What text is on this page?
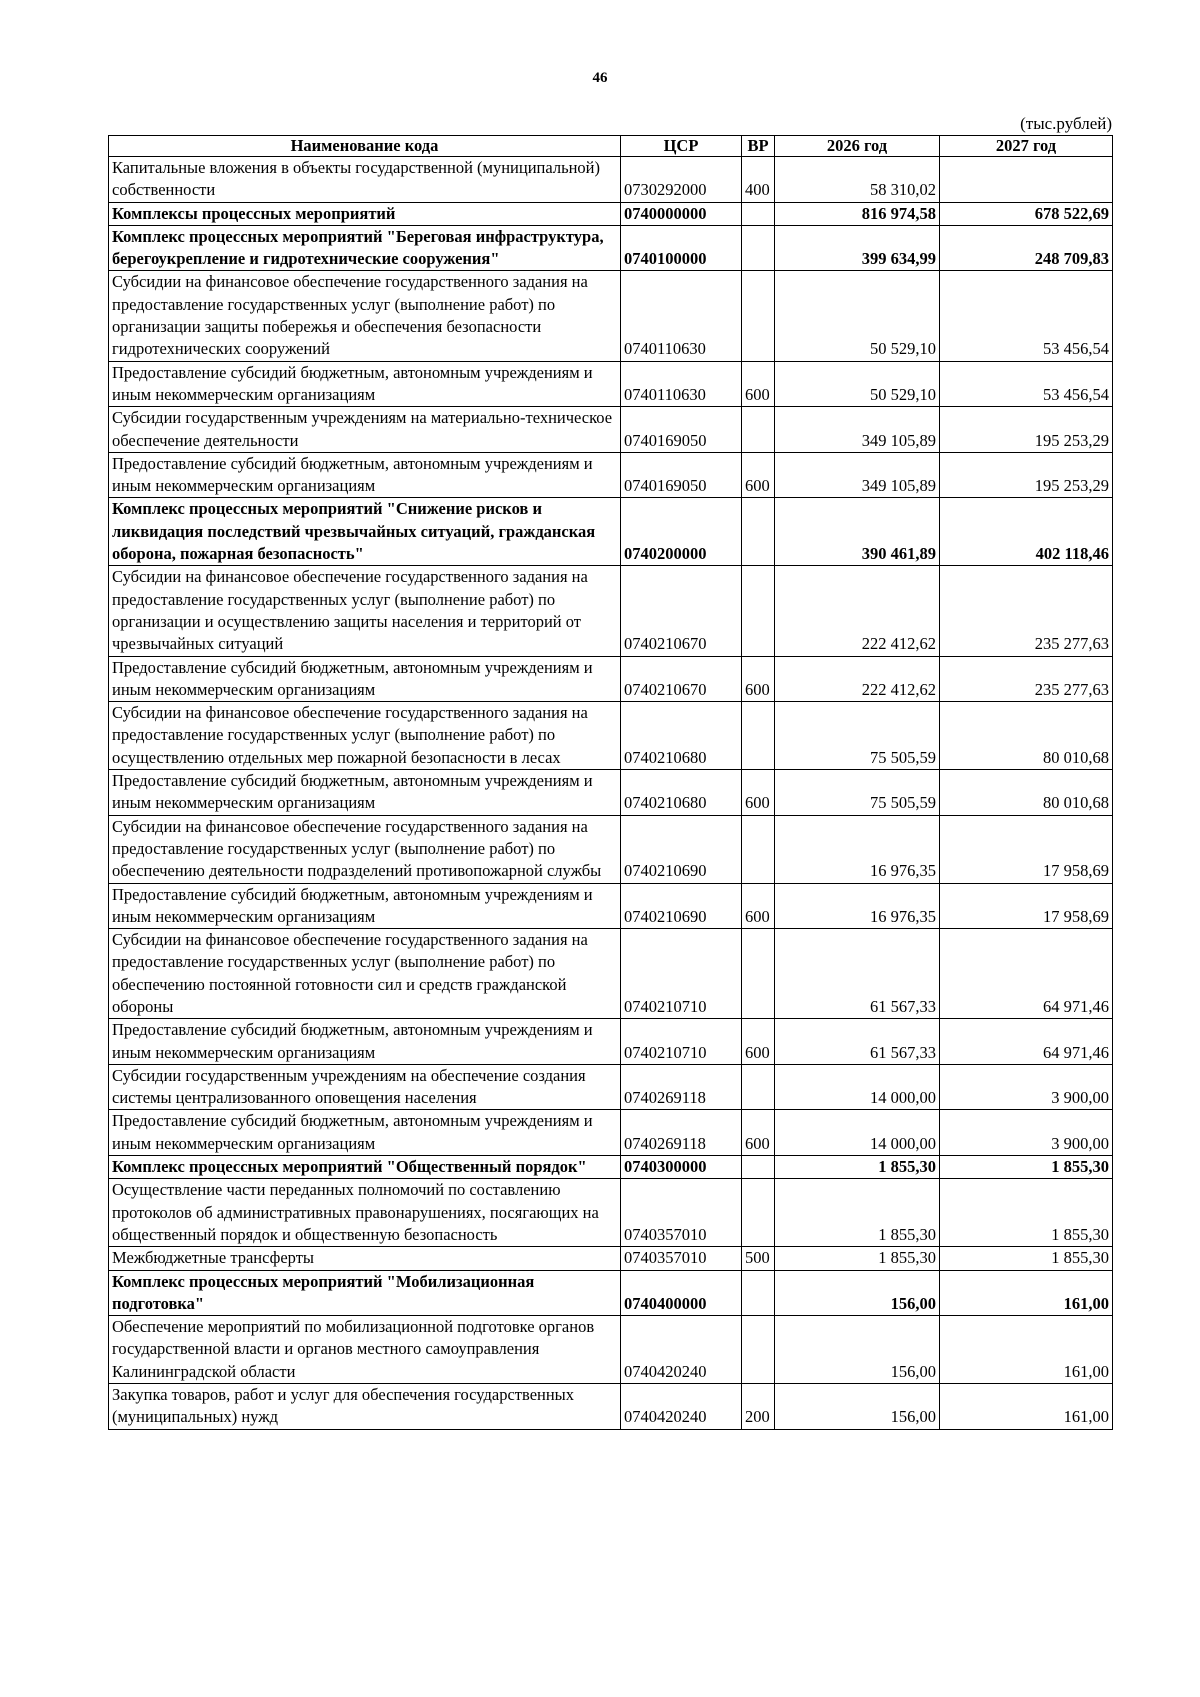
46
(тыс.рублей)
Наименование кода	ЦСР	ВР	2026 год	2027 год
Капитальные вложения в объекты государственной (муниципальной) собственности	0730292000	400	58 310,02	
Комплексы процессных мероприятий	0740000000		816 974,58	678 522,69
Комплекс процессных мероприятий "Береговая инфраструктура, берегоукрепление и гидротехнические сооружения"	0740100000		399 634,99	248 709,83
Субсидии на финансовое обеспечение государственного задания на предоставление государственных услуг (выполнение работ) по организации защиты побережья и обеспечения безопасности гидротехнических сооружений	0740110630		50 529,10	53 456,54
Предоставление субсидий бюджетным, автономным учреждениям и иным некоммерческим организациям	0740110630	600	50 529,10	53 456,54
Субсидии государственным учреждениям на материально-техническое обеспечение деятельности	0740169050		349 105,89	195 253,29
Предоставление субсидий бюджетным, автономным учреждениям и иным некоммерческим организациям	0740169050	600	349 105,89	195 253,29
Комплекс процессных мероприятий "Снижение рисков и ликвидация последствий чрезвычайных ситуаций, гражданская оборона, пожарная безопасность"	0740200000		390 461,89	402 118,46
Субсидии на финансовое обеспечение государственного задания на предоставление государственных услуг (выполнение работ) по организации и осуществлению защиты населения и территорий от чрезвычайных ситуаций	0740210670		222 412,62	235 277,63
Предоставление субсидий бюджетным, автономным учреждениям и иным некоммерческим организациям	0740210670	600	222 412,62	235 277,63
Субсидии на финансовое обеспечение государственного задания на предоставление государственных услуг (выполнение работ) по осуществлению отдельных мер пожарной безопасности в лесах	0740210680		75 505,59	80 010,68
Предоставление субсидий бюджетным, автономным учреждениям и иным некоммерческим организациям	0740210680	600	75 505,59	80 010,68
Субсидии на финансовое обеспечение государственного задания на предоставление государственных услуг (выполнение работ) по обеспечению деятельности подразделений противопожарной службы	0740210690		16 976,35	17 958,69
Предоставление субсидий бюджетным, автономным учреждениям и иным некоммерческим организациям	0740210690	600	16 976,35	17 958,69
Субсидии на финансовое обеспечение государственного задания на предоставление государственных услуг (выполнение работ) по обеспечению постоянной готовности сил и средств гражданской обороны	0740210710		61 567,33	64 971,46
Предоставление субсидий бюджетным, автономным учреждениям и иным некоммерческим организациям	0740210710	600	61 567,33	64 971,46
Субсидии государственным учреждениям на обеспечение создания системы централизованного оповещения населения	0740269118		14 000,00	3 900,00
Предоставление субсидий бюджетным, автономным учреждениям и иным некоммерческим организациям	0740269118	600	14 000,00	3 900,00
Комплекс процессных мероприятий "Общественный порядок"	0740300000		1 855,30	1 855,30
Осуществление части переданных полномочий по составлению протоколов об административных правонарушениях, посягающих на общественный порядок и общественную безопасность	0740357010		1 855,30	1 855,30
Межбюджетные трансферты	0740357010	500	1 855,30	1 855,30
Комплекс процессных мероприятий "Мобилизационная подготовка"	0740400000		156,00	161,00
Обеспечение мероприятий по мобилизационной подготовке органов государственной власти и органов местного самоуправления Калининградской области	0740420240		156,00	161,00
Закупка товаров, работ и услуг для обеспечения государственных (муниципальных) нужд	0740420240	200	156,00	161,00
